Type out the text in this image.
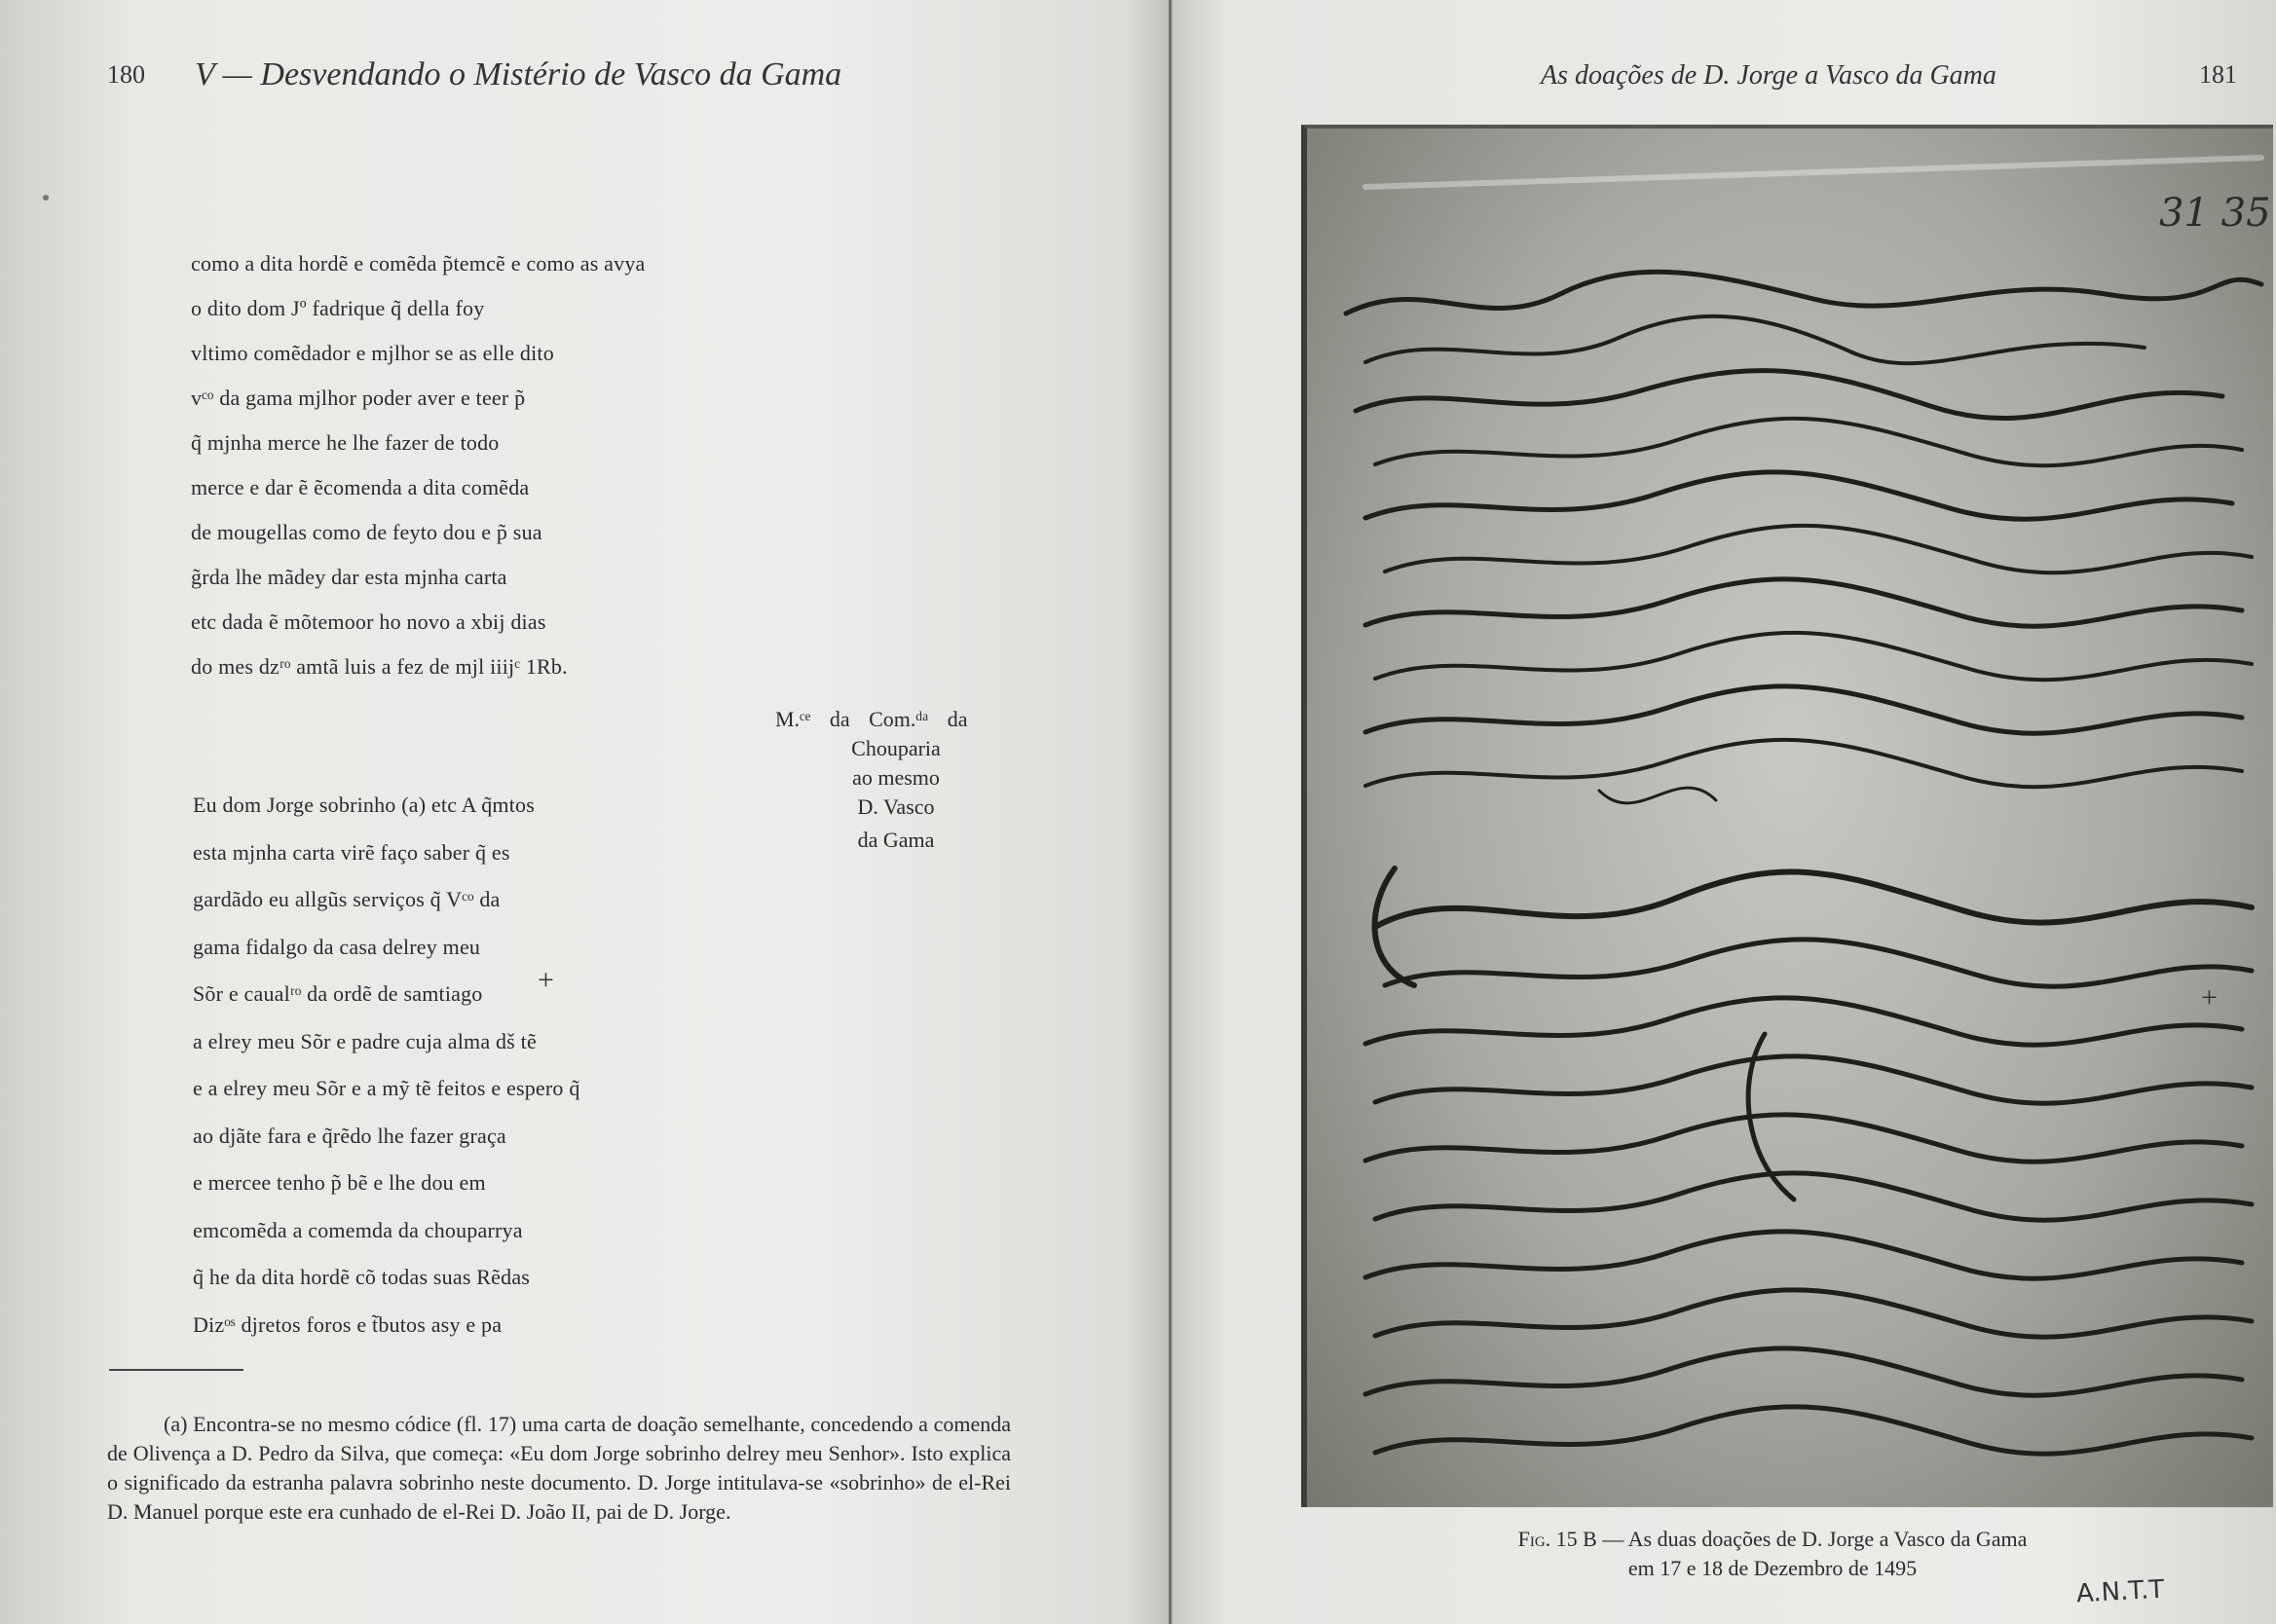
180 V — Desvendando o Mistério de Vasco da Gama	As doações de D. Jorge a Vasco da Gama	181
como a dita hordẽ e comẽda p̃temcẽ e como as avya
o dito dom Jº fadrique q̃ della foy
vltimo comẽdador e mjlhor se as elle dito
vᶜᵒ da gama mjlhor poder aver e teer p̃
q̃ mjnha merce he lhe fazer de todo
merce e dar ẽ ẽcomenda a dita comẽda
de mougellas como de feyto dou e p̃ sua
g̃rda lhe mãdey dar esta mjnha carta
etc dada ẽ mõtemoor ho novo a xbij dias
do mes dzʳᵒ amtã luis a fez de mjl iiijᶜ 1Rb.
M.ᶜᵉ da Com.ᵈᵃ da
Chouparia
ao mesmo
D. Vasco
da Gama
Eu dom Jorge sobrinho (a) etc A q̃mtos
esta mjnha carta virẽ faço saber q̃ es
gardãdo eu allgũs serviços q̃ Vᶜᵒ da
gama fidalgo da casa delrey meu
Sõr e caualʳᵒ da ordẽ de samtiago
a elrey meu Sõr e padre cuja alma dš tẽ
e a elrey meu Sõr e a mỹ tẽ feitos e espero q̃
ao djãte fara e q̃rẽdo lhe fazer graça
e mercee tenho p̃ bẽ e lhe dou em
emcomẽda a comemda da chouparrya
q̃ he da dita hordẽ cõ todas suas Rẽdas
Dizᵒˢ djretos foros e t̃butos asy e pa
+
(a) Encontra-se no mesmo códice (fl. 17) uma carta de doação semelhante, concedendo a comenda de Olivença a D. Pedro da Silva, que começa: «Eu dom Jorge sobrinho delrey meu Senhor». Isto explica o significado da estranha palavra sobrinho neste documento. D. Jorge intitulava-se «sobrinho» de el-Rei D. Manuel porque este era cunhado de el-Rei D. João II, pai de D. Jorge.
31 35
+
Fig. 15 B — As duas doações de D. Jorge a Vasco da Gama
em 17 e 18 de Dezembro de 1495
A.N.T.T
